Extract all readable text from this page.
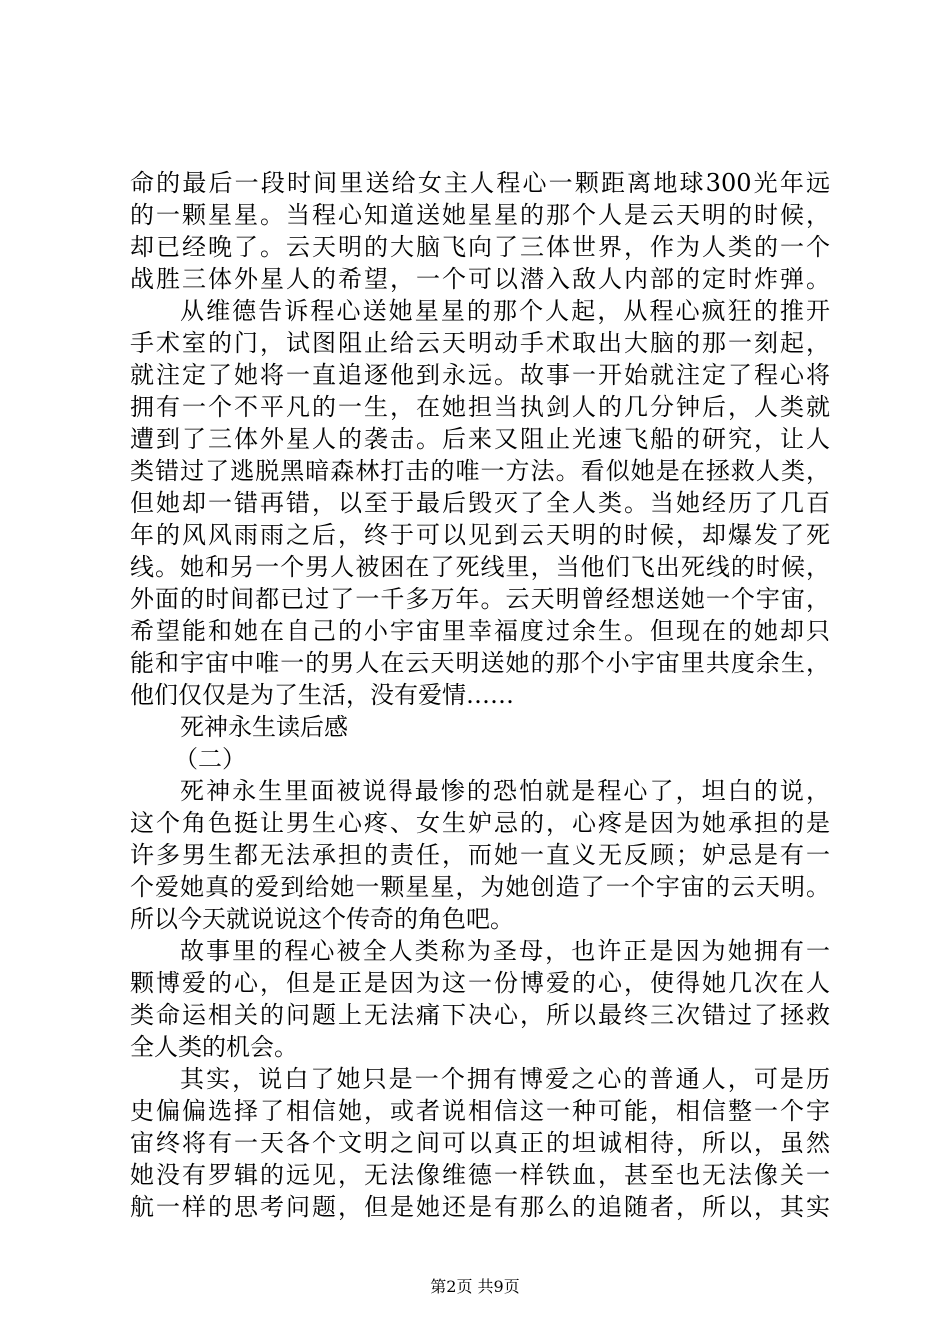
命的最后一段时间里送给女主人程心一颗距离地球300光年远
的一颗星星。当程心知道送她星星的那个人是云天明的时候，
却已经晚了。云天明的大脑飞向了三体世界，作为人类的一个
战胜三体外星人的希望，一个可以潜入敌人内部的定时炸弹。
从维德告诉程心送她星星的那个人起，从程心疯狂的推开
手术室的门，试图阻止给云天明动手术取出大脑的那一刻起，
就注定了她将一直追逐他到永远。故事一开始就注定了程心将
拥有一个不平凡的一生，在她担当执剑人的几分钟后，人类就
遭到了三体外星人的袭击。后来又阻止光速飞船的研究，让人
类错过了逃脱黑暗森林打击的唯一方法。看似她是在拯救人类，
但她却一错再错，以至于最后毁灭了全人类。当她经历了几百
年的风风雨雨之后，终于可以见到云天明的时候，却爆发了死
线。她和另一个男人被困在了死线里，当他们飞出死线的时候，
外面的时间都已过了一千多万年。云天明曾经想送她一个宇宙，
希望能和她在自己的小宇宙里幸福度过余生。但现在的她却只
能和宇宙中唯一的男人在云天明送她的那个小宇宙里共度余生，
他们仅仅是为了生活，没有爱情……
死神永生读后感
（二）
死神永生里面被说得最惨的恐怕就是程心了，坦白的说，
这个角色挺让男生心疼、女生妒忌的，心疼是因为她承担的是
许多男生都无法承担的责任，而她一直义无反顾；妒忌是有一
个爱她真的爱到给她一颗星星，为她创造了一个宇宙的云天明。
所以今天就说说这个传奇的角色吧。
故事里的程心被全人类称为圣母，也许正是因为她拥有一
颗博爱的心，但是正是因为这一份博爱的心，使得她几次在人
类命运相关的问题上无法痛下决心，所以最终三次错过了拯救
全人类的机会。
其实，说白了她只是一个拥有博爱之心的普通人，可是历
史偏偏选择了相信她，或者说相信这一种可能，相信整一个宇
宙终将有一天各个文明之间可以真正的坦诚相待，所以，虽然
她没有罗辑的远见，无法像维德一样铁血，甚至也无法像关一
航一样的思考问题，但是她还是有那么的追随者，所以，其实
第2页 共9页
